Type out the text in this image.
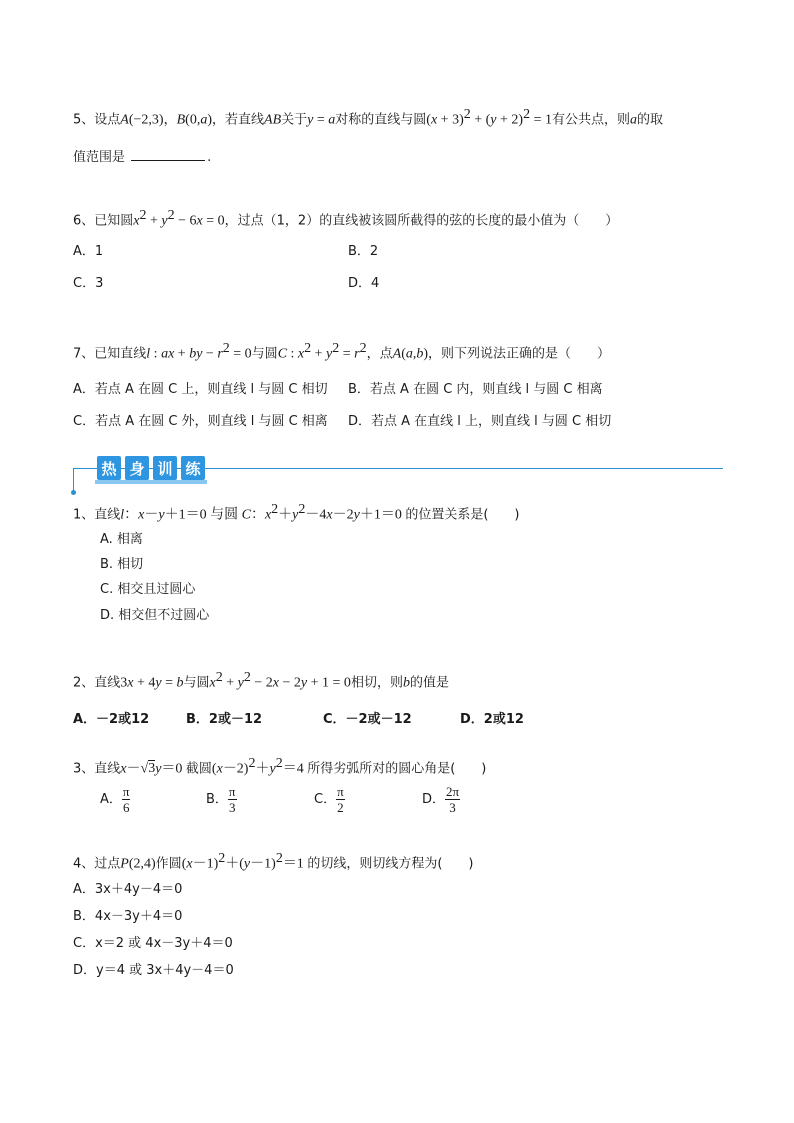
5、设点A(−2,3)，B(0,a)，若直线AB关于y = a对称的直线与圆$(x + 3)^2 + (y + 2)^2 = 1$有公共点，则a的取
值范围是	.
6、已知圆$x^2 + y^2 - 6x = 0$，过点（1，2）的直线被该圆所截得的弦的长度的最小值为（　　）
A．1	B．2
C．3	D．4
7、已知直线l : ax + by − $r^2 = 0$与圆C : $x^2 + y^2 = r^2$，点A(a,b)，则下列说法正确的是（　　）
A．若点 A 在圆 C 上，则直线 l 与圆 C 相切 B．若点 A 在圆 C 内，则直线 l 与圆 C 相离
C．若点 A 在圆 C 外，则直线 l 与圆 C 相离 D．若点 A 在直线 l 上，则直线 l 与圆 C 相切
热 身 训 练
1、直线l：x－y＋1＝0 与圆 C：$x^2+y^2-4x-2y+1=0$ 的位置关系是(　　)
A. 相离
B. 相切
C. 相交且过圆心
D. 相交但不过圆心
2、直线3x + 4y = b与圆$x^2 + y^2 - 2x - 2y + 1 = 0$相切，则b的值是
A．－2或12	B．2或－12	C．－2或－12	D．2或12
3、直线x－√3y＝0 截圆$(x-2)^2+y^2=4$ 所得劣弧所对的圆心角是(　　)
A． $\frac{\pi}{6}$	B． $\frac{\pi}{3}$	C． $\frac{\pi}{2}$	D． $\frac{2\pi}{3}$
4、过点P(2,4)作圆$(x-1)^2+(y-1)^2=1$ 的切线，则切线方程为(　　)
A．3x＋4y－4＝0
B．4x－3y＋4＝0
C．x＝2 或 4x－3y＋4＝0
D．y＝4 或 3x＋4y－4＝0
